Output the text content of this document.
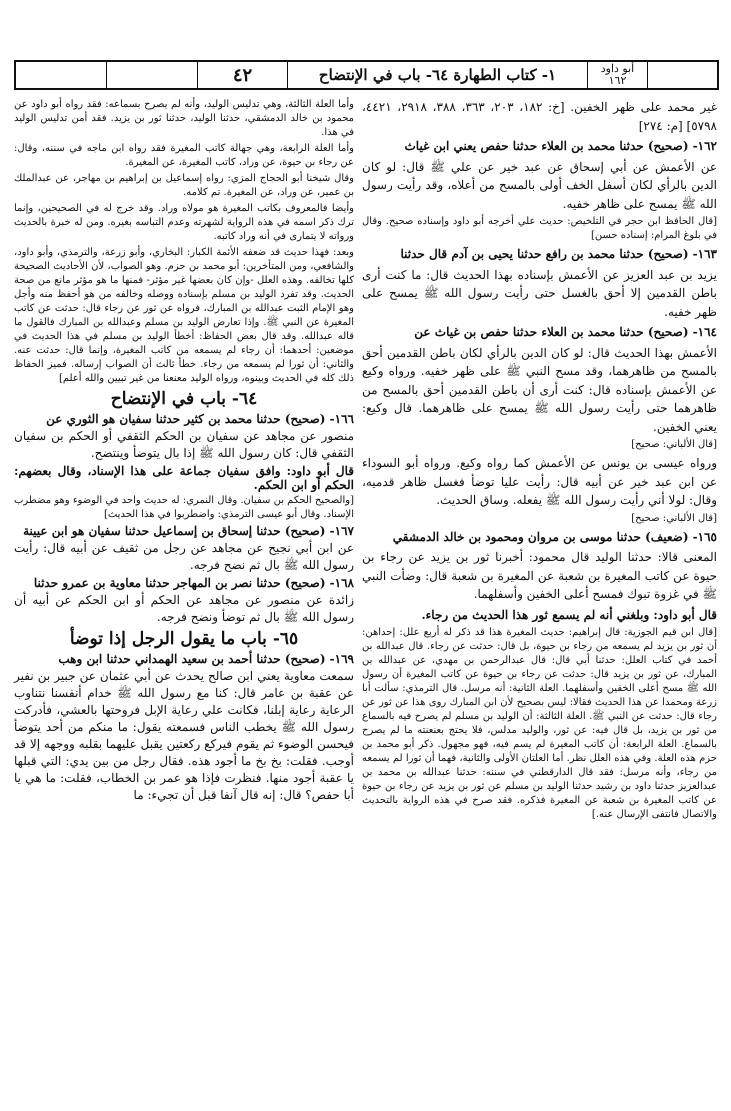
أبو داود
١٦٢
١- كتاب الطهارة ٦٤- باب في الإنتضاح
٤٢

غير محمد على ظهر الخفين. [خ: ١٨٢، ٢٠٣، ٣٦٣، ٣٨٨، ٢٩١٨، ٤٤٢١، ٥٧٩٨] [م: ٢٧٤]

١٦٢- (صحيح) حدثنا محمد بن العلاء حدثنا حفص يعني ابن غياث

عن الأعمش عن أبي إسحاق عن عبد خير عن علي ﷺ قال: لو كان الدين بالرأي لكان أسفل الخف أولى بالمسح من أعلاه، وقد رأيت رسول الله ﷺ يمسح على ظاهر خفيه.

[قال الحافظ ابن حجر في التلخيص: حديث علي أخرجه أبو داود وإسناده صحيح. وقال في بلوغ المرام: إسناده حسن]

١٦٣- (صحيح) حدثنا محمد بن رافع حدثنا يحيى بن آدم قال حدثنا

يزيد بن عبد العزيز عن الأعمش بإسناده بهذا الحديث قال: ما كنت أرى باطن القدمين إلا أحق بالغسل حتى رأيت رسول الله ﷺ يمسح على ظهر خفيه.

١٦٤- (صحيح) حدثنا محمد بن العلاء حدثنا حفص بن غياث عن

الأعمش بهذا الحديث قال: لو كان الدين بالرأي لكان باطن القدمين أحق بالمسح من ظاهرهما، وقد مسح النبي ﷺ على ظهر خفيه. ورواه وكيع عن الأعمش بإسناده قال: كنت أرى أن باطن القدمين أحق بالمسح من ظاهرهما حتى رأيت رسول الله ﷺ يمسح على ظاهرهما. قال وكيع: يعني الخفين.

[قال الألباني: صحيح]

ورواه عيسى بن يونس عن الأعمش كما رواه وكيع. ورواه أبو السوداء عن ابن عبد خير عن أبيه قال: رأيت عليا توضأ فغسل ظاهر قدميه، وقال: لولا أني رأيت رسول الله ﷺ يفعله. وساق الحديث.

[قال الألباني: صحيح]

١٦٥- (ضعيف) حدثنا موسى بن مروان ومحمود بن خالد الدمشقي

المعنى قالا: حدثنا الوليد قال محمود: أخبرنا ثور بن يزيد عن رجاء بن حيوة عن كاتب المغيرة بن شعبة عن المغيرة بن شعبة قال: وضأت النبي ﷺ في غزوة تبوك فمسح أعلى الخفين وأسفلهما.

قال أبو داود: وبلغني أنه لم يسمع ثور هذا الحديث من رجاء.

[قال ابن قيم الجوزية: قال إبراهيم: حديث المغيرة هذا قد ذكر له أربع علل: إحداهن: أن ثور بن يزيد لم يسمعه من رجاء بن حيوة، بل قال: حدثت عن رجاء. قال عبدالله بن أحمد في كتاب العلل: حدثنا أبي قال: قال عبدالرحمن بن مهدي، عن عبدالله بن المبارك، عن ثور بن يزيد قال: حدثت عن رجاء بن حيوة عن كاتب المغيرة أن رسول الله ﷺ مسح أعلى الخفين وأسفلهما. العلة الثانية: أنه مرسل. قال الترمذي: سألت أبا زرعة ومحمدا عن هذا الحديث فقالا: ليس بصحيح لأن ابن المبارك روى هذا عن ثور عن رجاء قال: حدثت عن النبي ﷺ. العلة الثالثة: أن الوليد بن مسلم لم يصرح فيه بالسماع من ثور بن يزيد، بل قال فيه: عن ثور، والوليد مدلس، فلا يحتج بعنعنته ما لم يصرح بالسماع. العلة الرابعة: أن كاتب المغيرة لم يسم فيه، فهو مجهول. ذكر أبو محمد بن حزم هذه العلة. وفي هذه العلل نظر. أما العلتان الأولى والثانية، فهما أن ثورا لم يسمعه من رجاء، وأنه مرسل: فقد قال الدارقطني في سننه: حدثنا عبدالله بن محمد بن عبدالعزيز حدثنا داود بن رشيد حدثنا الوليد بن مسلم عن ثور بن يزيد عن رجاء بن حيوة عن كاتب المغيرة بن شعبة عن المغيرة فذكره. فقد صرح في هذه الرواية بالتحديث والاتصال فانتفى الإرسال عنه.]

وأما العلة الثالثة، وهي تدليس الوليد، وأنه لم يصرح بسماعه: فقد رواه أبو داود عن محمود بن خالد الدمشقي، حدثنا الوليد، حدثنا ثور بن يزيد. فقد أمن تدليس الوليد في هذا.

وأما العلة الرابعة، وهي جهالة كاتب المغيرة فقد رواه ابن ماجه في سننه، وقال: عن رجاء بن حيوة، عن وراد، كاتب المغيرة، عن المغيرة.

وقال شيخنا أبو الحجاج المزي: رواه إسماعيل بن إبراهيم بن مهاجر، عن عبدالملك بن عمير، عن وراد، عن المغيرة. تم كلامه.

وأيضا فالمعروف بكاتب المغيرة هو مولاه وراد. وقد خرج له في الصحيحين، وإنما ترك ذكر اسمه في هذه الرواية لشهرته وعدم التباسه بغيره. ومن له خبرة بالحديث ورواته لا يتمارى في أنه وراد كاتبه.

وبعد: فهذا حديث قد ضعفه الأئمة الكبار: البخاري، وأبو زرعة، والترمذي، وأبو داود، والشافعي، ومن المتأخرين: أبو محمد بن حزم. وهو الصواب، لأن الأحاديث الصحيحة كلها تخالفه. وهذه العلل -وإن كان بعضها غير مؤثر- فمنها ما هو مؤثر مانع من صحة الحديث. وقد تفرد الوليد بن مسلم بإسناده ووصله وخالفه من هو أحفظ منه وأجل وهو الإمام الثبت عبدالله بن المبارك، فرواه عن ثور عن رجاء قال: حدثت عن كاتب المغيرة عن النبي ﷺ. وإذا تعارض الوليد بن مسلم وعبدالله بن المبارك فالقول ما قاله عبدالله. وقد قال بعض الحفاظ: أخطأ الوليد بن مسلم في هذا الحديث في موضعين: أحدهما: أن رجاء لم يسمعه من كاتب المغيرة، وإنما قال: حدثت عنه. والثاني: أن ثورا لم يسمعه من رجاء. خطأ ثالث أن الصواب إرساله. فميز الحفاظ ذلك كله في الحديث وبينوه، ورواه الوليد معنعنا من غير تبيين والله أعلم]

٦٤- باب في الإنتضاح

١٦٦- (صحيح) حدثنا محمد بن كثير حدثنا سفيان هو الثوري عن

منصور عن مجاهد عن سفيان بن الحكم الثقفي أو الحكم بن سفيان الثقفي قال: كان رسول الله ﷺ إذا بال يتوضأ وينتضح.

قال أبو داود: وافق سفيان جماعة على هذا الإسناد، وقال بعضهم: الحكم أو ابن الحكم.

[والصحيح الحكم بن سفيان. وقال النمري: له حديث واحد في الوضوء وهو مضطرب الإسناد. وقال أبو عيسى الترمذي: واضطربوا في هذا الحديث]

١٦٧- (صحيح) حدثنا إسحاق بن إسماعيل حدثنا سفيان هو ابن عيينة

عن ابن أبي نجيح عن مجاهد عن رجل من ثقيف عن أبيه قال: رأيت رسول الله ﷺ بال ثم نضح فرجه.

١٦٨- (صحيح) حدثنا نصر بن المهاجر حدثنا معاوية بن عمرو حدثنا

زائدة عن منصور عن مجاهد عن الحكم أو ابن الحكم عن أبيه أن رسول الله ﷺ بال ثم توضأ ونضح فرجه.

٦٥- باب ما يقول الرجل إذا توضأ

١٦٩- (صحيح) حدثنا أحمد بن سعيد الهمداني حدثنا ابن وهب

سمعت معاوية يعني ابن صالح يحدث عن أبي عثمان عن جبير بن نفير عن عقبة بن عامر قال: كنا مع رسول الله ﷺ خدام أنفسنا نتناوب الرعاية رعاية إبلنا، فكانت علي رعاية الإبل فروحتها بالعشي، فأدركت رسول الله ﷺ يخطب الناس فسمعته يقول: ما منكم من أحد يتوضأ فيحسن الوضوء ثم يقوم فيركع ركعتين يقبل عليهما بقلبه ووجهه إلا قد أوجب. فقلت: بخ بخ ما أجود هذه. فقال رجل من بين يدي: التي قبلها يا عقبة أجود منها. فنظرت فإذا هو عمر بن الخطاب، فقلت: ما هي يا أبا حفص؟ قال: إنه قال آنفا قبل أن تجيء: ما
